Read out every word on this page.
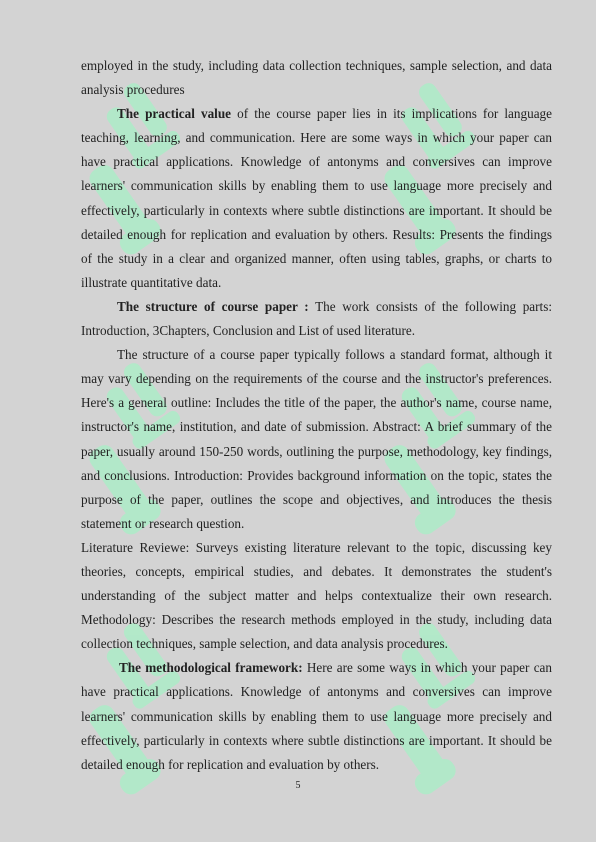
employed in the study, including data collection techniques, sample selection, and data analysis procedures

The practical value of the course paper lies in its implications for language teaching, learning, and communication. Here are some ways in which your paper can have practical applications. Knowledge of antonyms and conversives can improve learners' communication skills by enabling them to use language more precisely and effectively, particularly in contexts where subtle distinctions are important. It should be detailed enough for replication and evaluation by others. Results: Presents the findings of the study in a clear and organized manner, often using tables, graphs, or charts to illustrate quantitative data.

The structure of course paper : The work consists of the following parts: Introduction, 3Chapters, Conclusion and List of used literature.

The structure of a course paper typically follows a standard format, although it may vary depending on the requirements of the course and the instructor's preferences. Here's a general outline: Includes the title of the paper, the author's name, course name, instructor's name, institution, and date of submission. Abstract: A brief summary of the paper, usually around 150-250 words, outlining the purpose, methodology, key findings, and conclusions. Introduction: Provides background information on the topic, states the purpose of the paper, outlines the scope and objectives, and introduces the thesis statement or research question.

Literature Reviewe: Surveys existing literature relevant to the topic, discussing key theories, concepts, empirical studies, and debates. It demonstrates the student's understanding of the subject matter and helps contextualize their own research. Methodology: Describes the research methods employed in the study, including data collection techniques, sample selection, and data analysis procedures.

The methodological framework: Here are some ways in which your paper can have practical applications. Knowledge of antonyms and conversives can improve learners' communication skills by enabling them to use language more precisely and effectively, particularly in contexts where subtle distinctions are important. It should be detailed enough for replication and evaluation by others.

5
